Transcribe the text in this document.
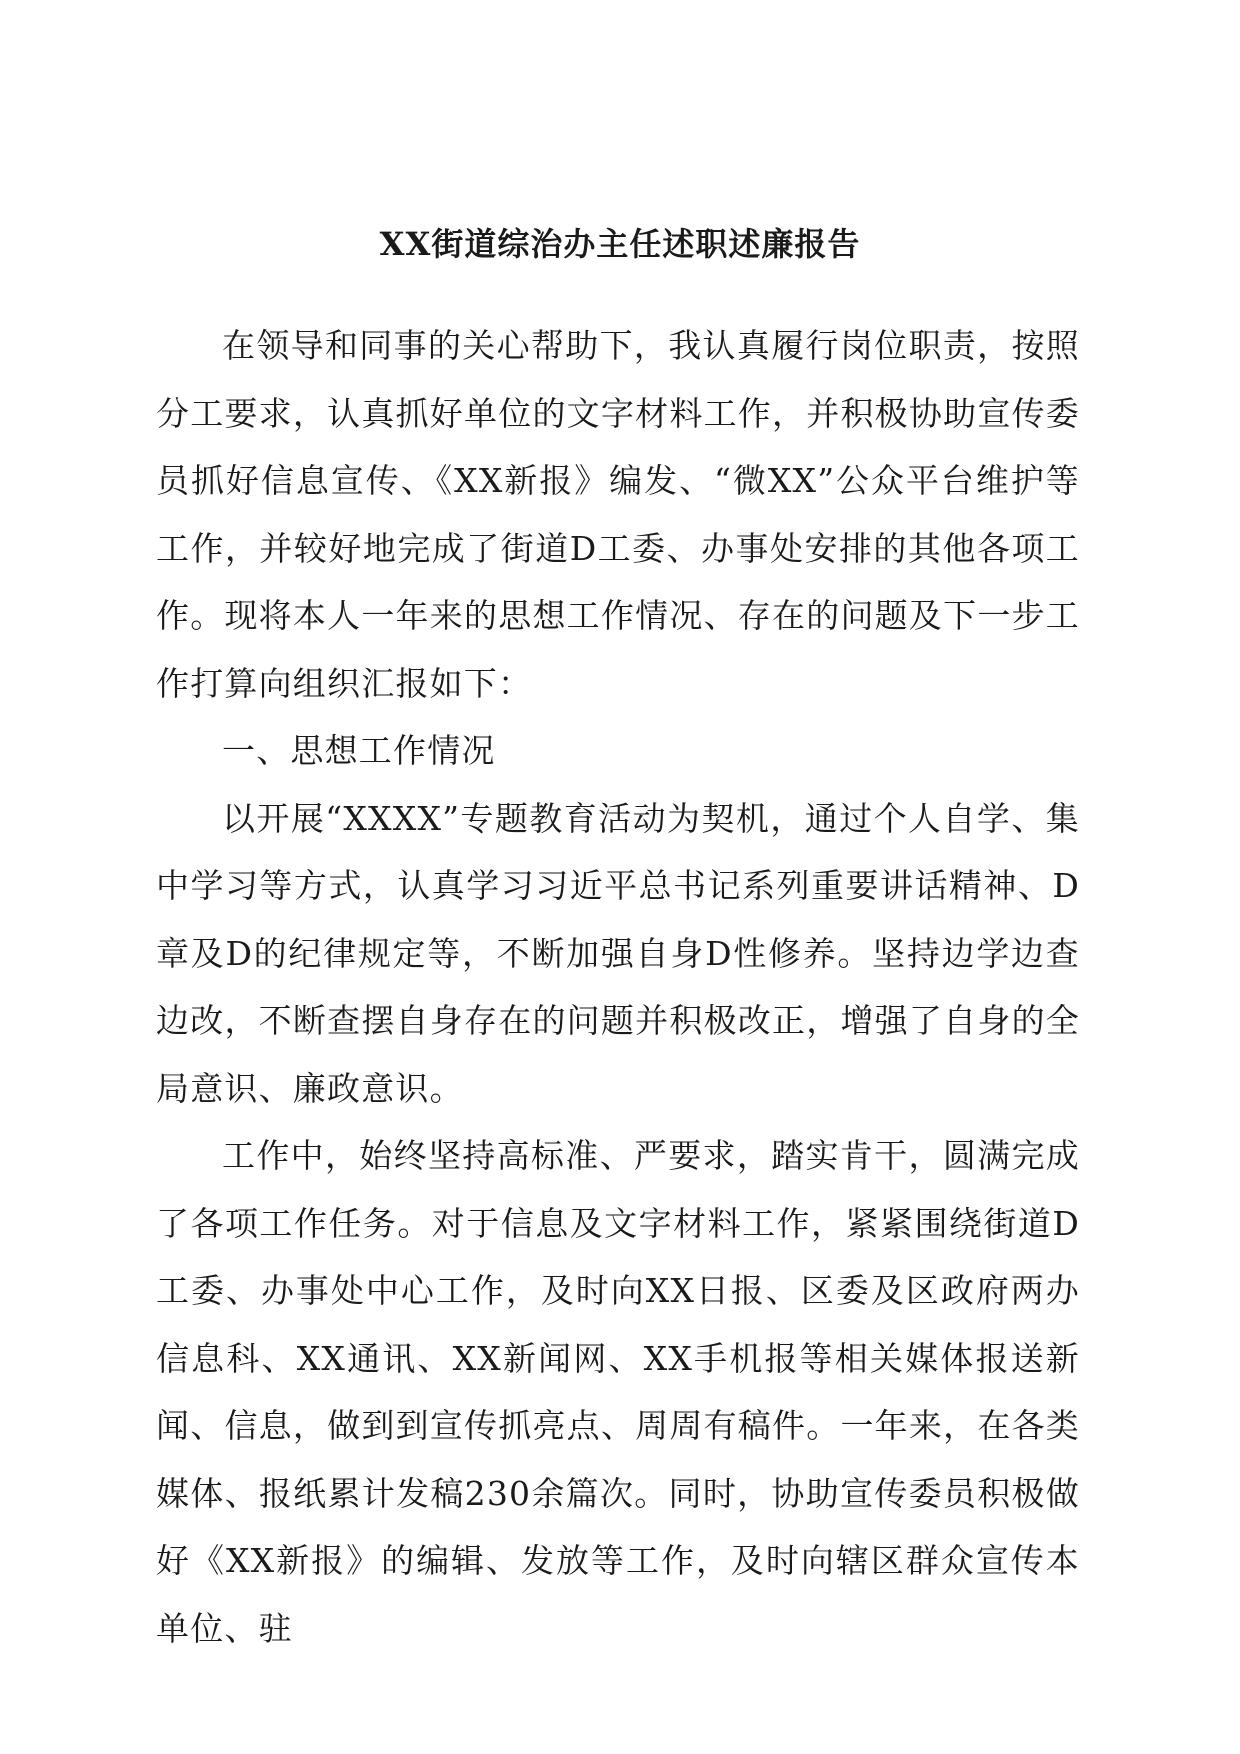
XX街道综治办主任述职述廉报告

在领导和同事的关心帮助下，我认真履行岗位职责，按照分工要求，认真抓好单位的文字材料工作，并积极协助宣传委员抓好信息宣传、《XX新报》编发、“微XX”公众平台维护等工作，并较好地完成了街道D工委、办事处安排的其他各项工作。现将本人一年来的思想工作情况、存在的问题及下一步工作打算向组织汇报如下：

一、思想工作情况

以开展“XXXX”专题教育活动为契机，通过个人自学、集中学习等方式，认真学习习近平总书记系列重要讲话精神、D章及D的纪律规定等，不断加强自身D性修养。坚持边学边查边改，不断查摆自身存在的问题并积极改正，增强了自身的全局意识、廉政意识。

工作中，始终坚持高标准、严要求，踏实肯干，圆满完成了各项工作任务。对于信息及文字材料工作，紧紧围绕街道D工委、办事处中心工作，及时向XX日报、区委及区政府两办信息科、XX通讯、XX新闻网、XX手机报等相关媒体报送新闻、信息，做到到宣传抓亮点、周周有稿件。一年来，在各类媒体、报纸累计发稿230余篇次。同时，协助宣传委员积极做好《XX新报》的编辑、发放等工作，及时向辖区群众宣传本单位、驻
